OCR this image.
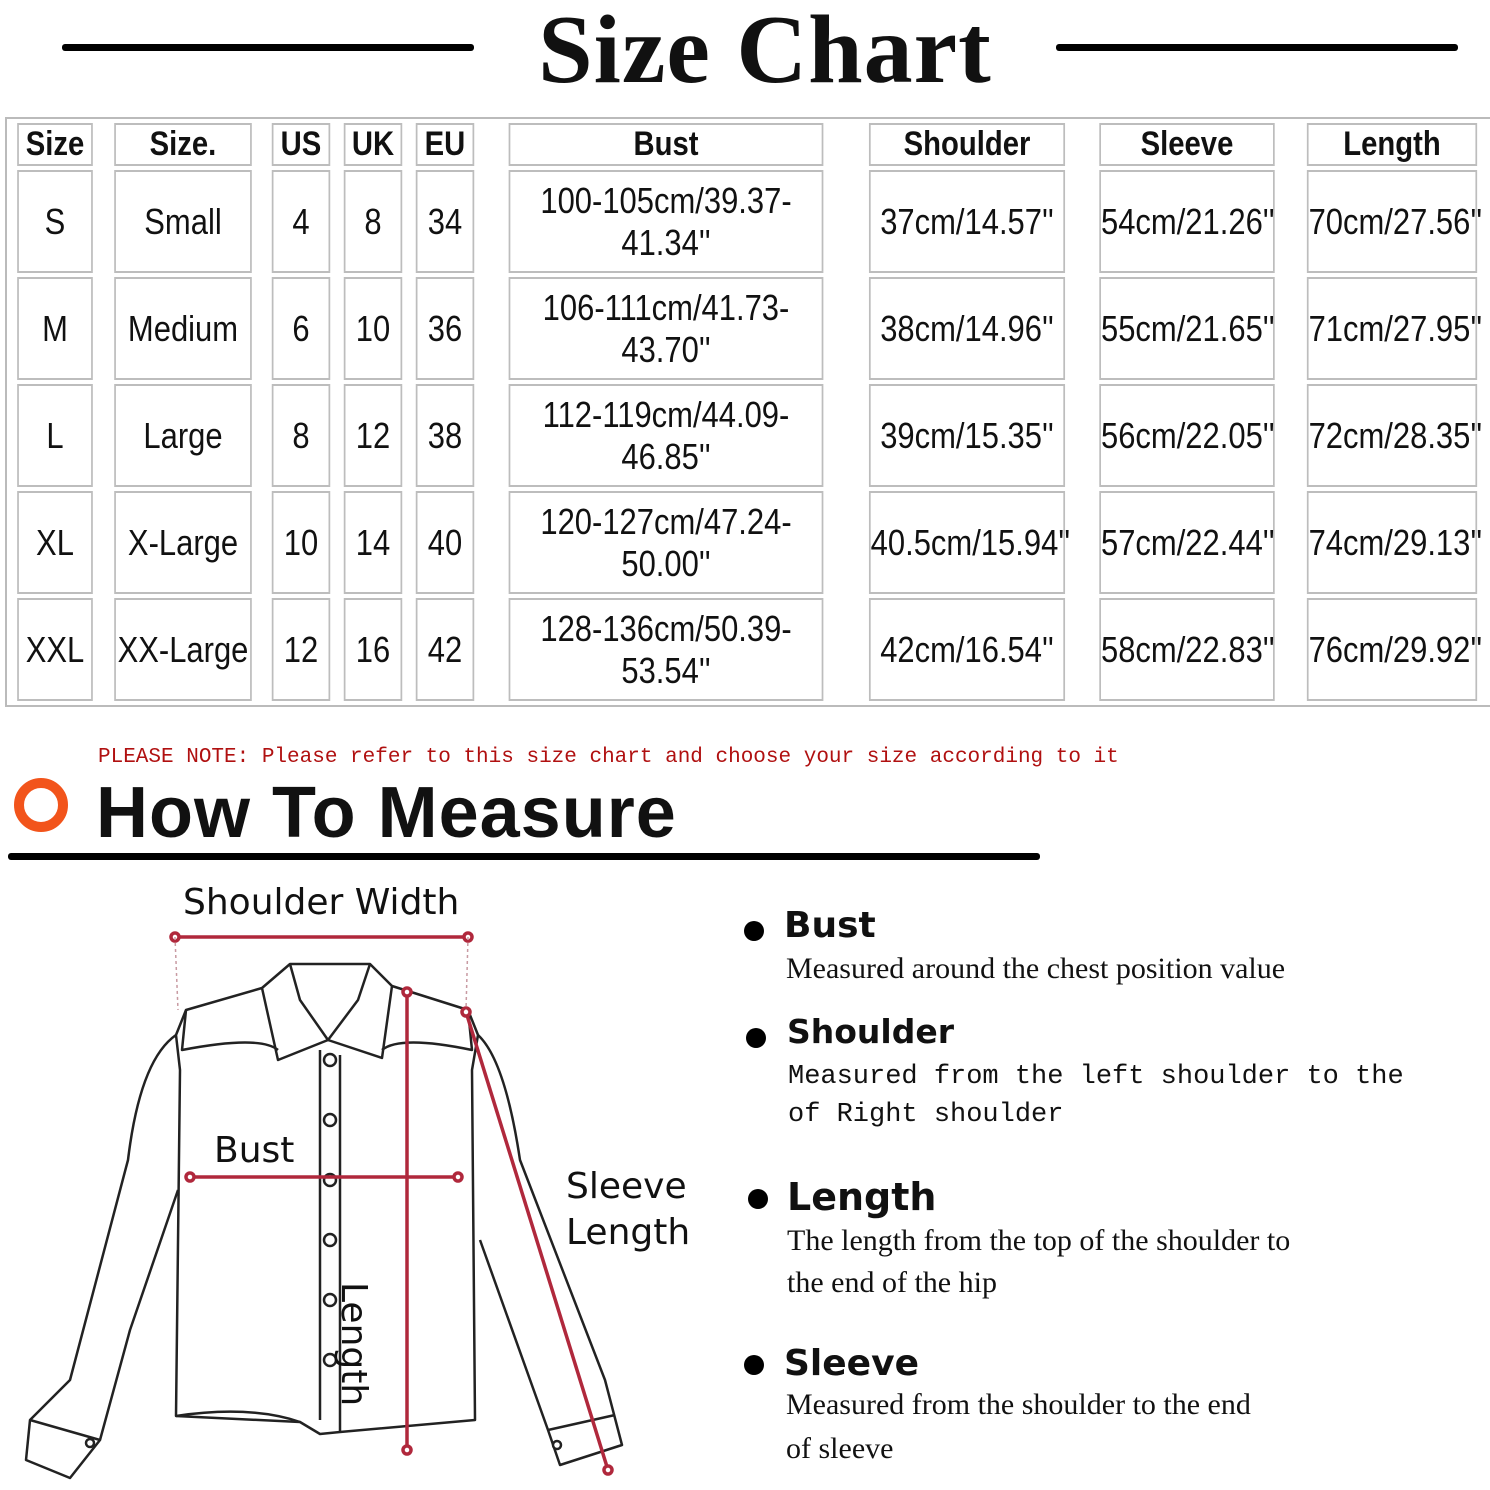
Size Chart
Size	Size.	US	UK	EU	Bust	Shoulder	Sleeve	Length
S	Small	4	8	34	100-105cm/39.37-41.34''	37cm/14.57''	54cm/21.26''	70cm/27.56''
M	Medium	6	10	36	106-111cm/41.73-43.70''	38cm/14.96''	55cm/21.65''	71cm/27.95''
L	Large	8	12	38	112-119cm/44.09-46.85''	39cm/15.35''	56cm/22.05''	72cm/28.35''
XL	X-Large	10	14	40	120-127cm/47.24-50.00''	40.5cm/15.94''	57cm/22.44''	74cm/29.13''
XXL	XX-Large	12	16	42	128-136cm/50.39-53.54''	42cm/16.54''	58cm/22.83''	76cm/29.92''
PLEASE NOTE: Please refer to this size chart and choose your size according to it
How To Measure
Shoulder Width
Bust
Sleeve
Length
Length
Bust
Measured around the chest position value
Shoulder
Measured from the left shoulder to the
of Right shoulder
Length
The length from the top of the shoulder to
the end of the hip
Sleeve
Measured from the shoulder to the end
of sleeve
